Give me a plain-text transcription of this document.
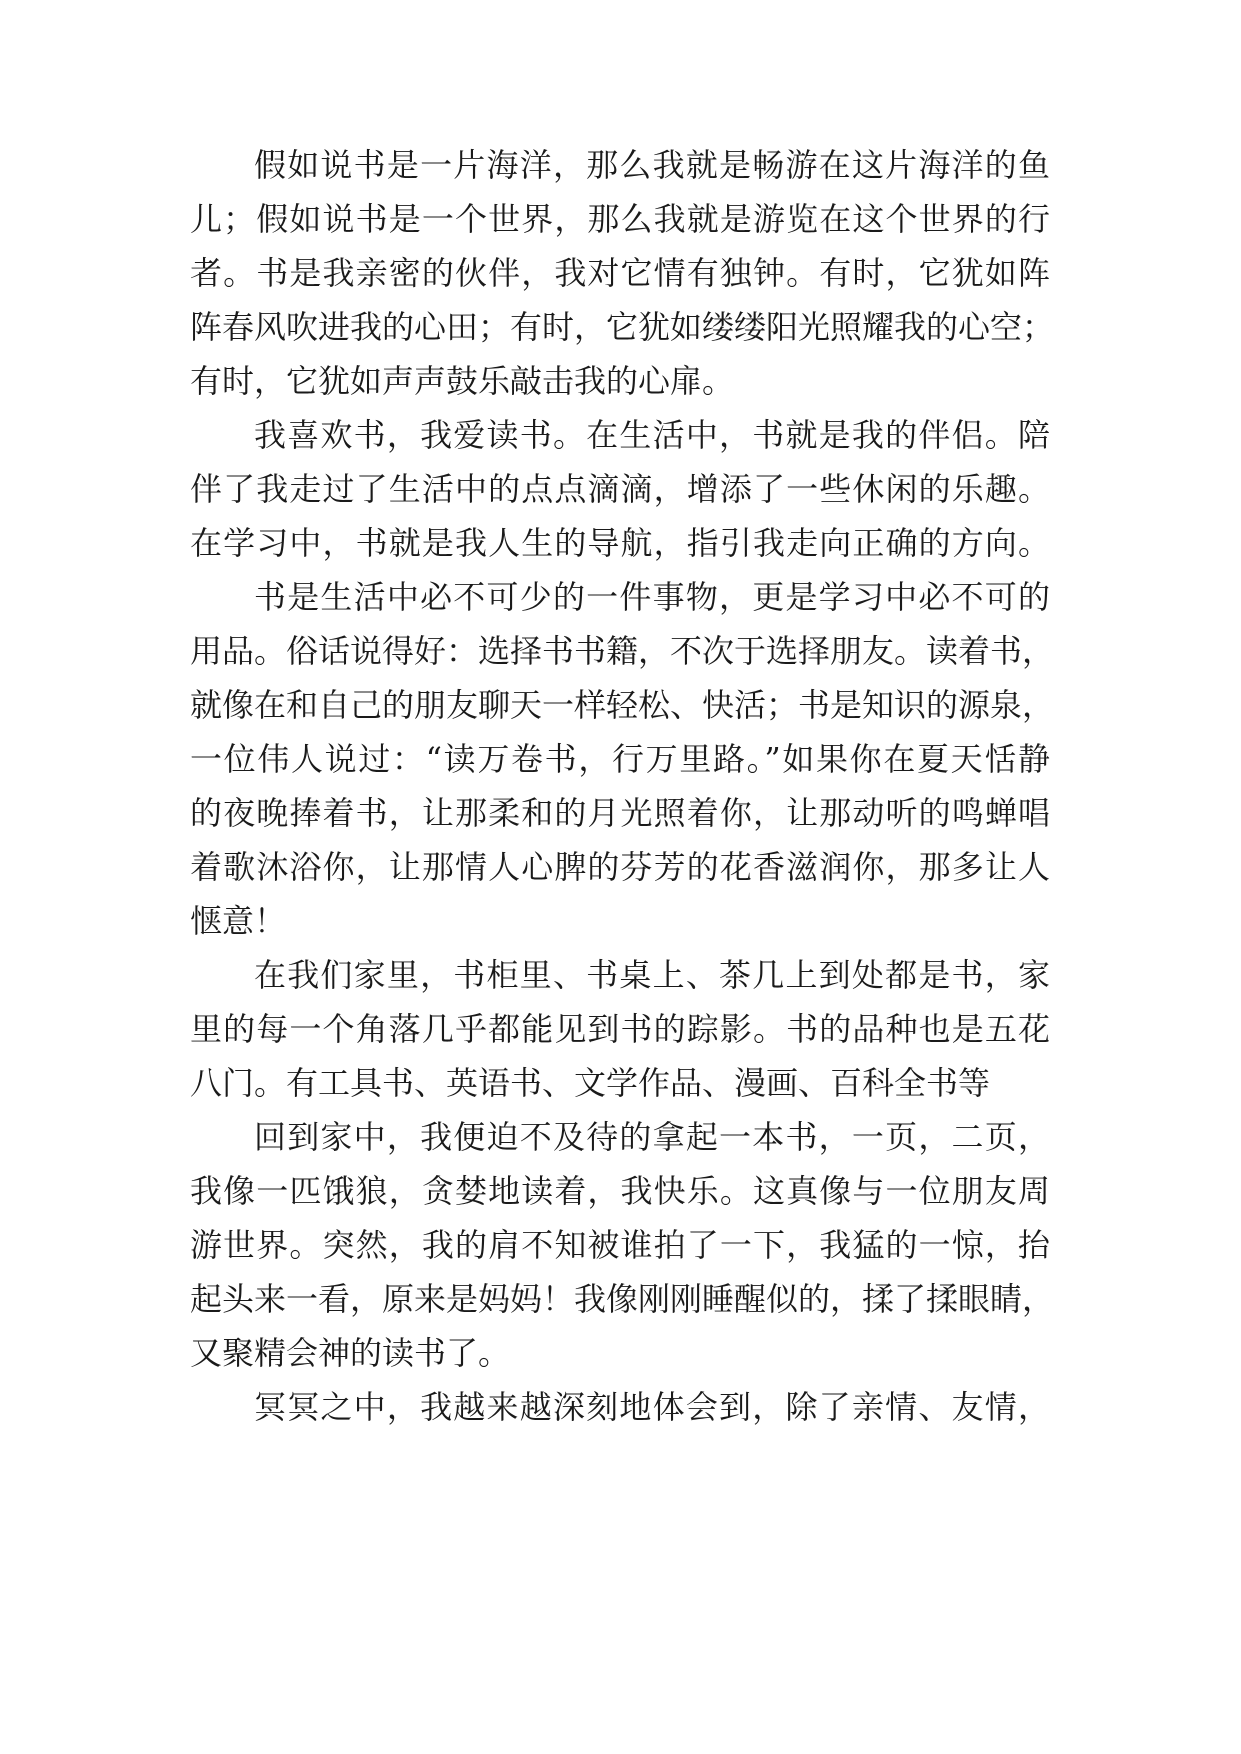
假如说书是一片海洋，那么我就是畅游在这片海洋的鱼
儿；假如说书是一个世界，那么我就是游览在这个世界的行
者。书是我亲密的伙伴，我对它情有独钟。有时，它犹如阵
阵春风吹进我的心田；有时，它犹如缕缕阳光照耀我的心空；
有时，它犹如声声鼓乐敲击我的心扉。
我喜欢书，我爱读书。在生活中，书就是我的伴侣。陪
伴了我走过了生活中的点点滴滴，增添了一些休闲的乐趣。
在学习中，书就是我人生的导航，指引我走向正确的方向。
书是生活中必不可少的一件事物，更是学习中必不可的
用品。俗话说得好：选择书书籍，不次于选择朋友。读着书，
就像在和自己的朋友聊天一样轻松、快活；书是知识的源泉，
一位伟人说过：“读万卷书，行万里路。”如果你在夏天恬静
的夜晚捧着书，让那柔和的月光照着你，让那动听的鸣蝉唱
着歌沐浴你，让那情人心脾的芬芳的花香滋润你，那多让人
惬意！
在我们家里，书柜里、书桌上、茶几上到处都是书，家
里的每一个角落几乎都能见到书的踪影。书的品种也是五花
八门。有工具书、英语书、文学作品、漫画、百科全书等
回到家中，我便迫不及待的拿起一本书，一页，二页，
我像一匹饿狼，贪婪地读着，我快乐。这真像与一位朋友周
游世界。突然，我的肩不知被谁拍了一下，我猛的一惊，抬
起头来一看，原来是妈妈！我像刚刚睡醒似的，揉了揉眼睛，
又聚精会神的读书了。
冥冥之中，我越来越深刻地体会到，除了亲情、友情，
